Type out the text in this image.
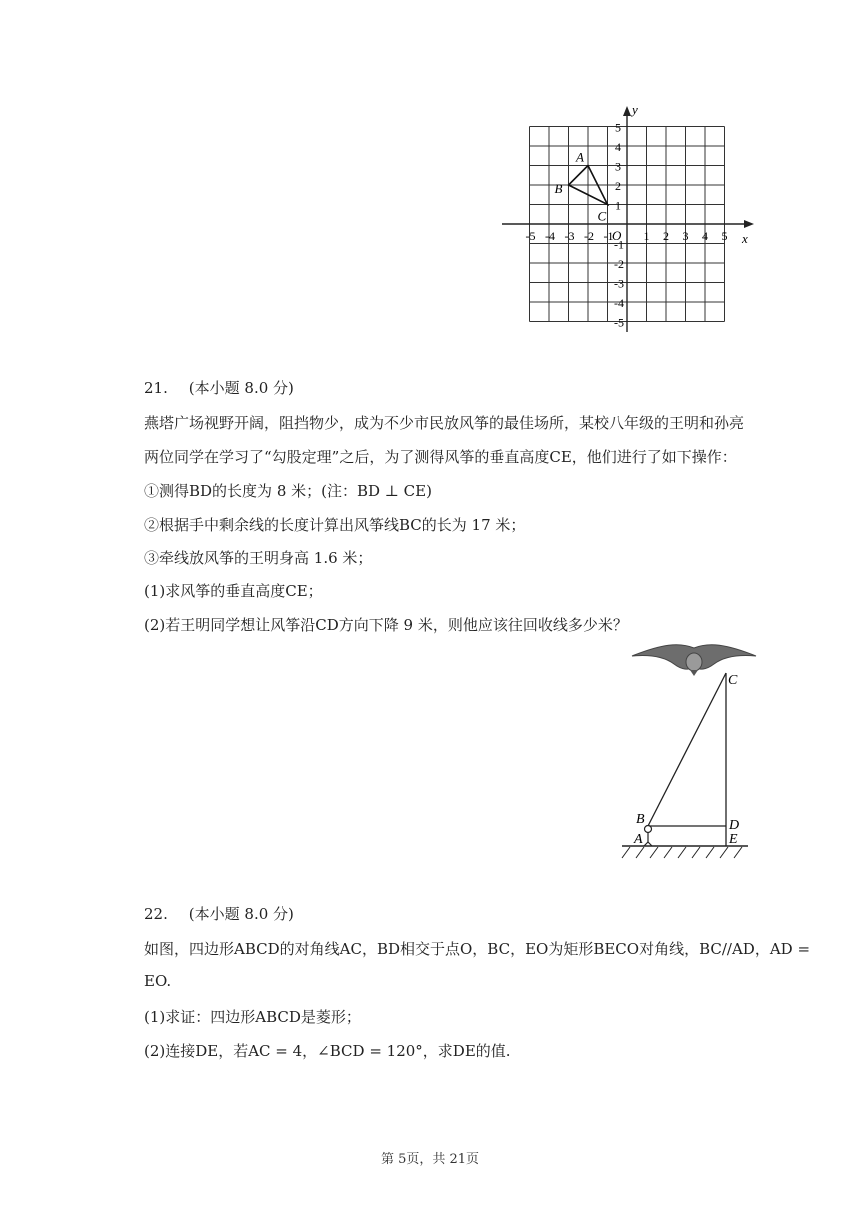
x
y
O
-5 -4 -3 -2 -1	1 2 3 4 5
5
4
3
2
1
-1
-2
-3
-4
-5
A
B
C
21. (本小题 8.0 分)
燕塔广场视野开阔，阻挡物少，成为不少市民放风筝的最佳场所，某校八年级的王明和孙亮
两位同学在学习了“勾股定理”之后，为了测得风筝的垂直高度CE，他们进行了如下操作：
①测得BD的长度为 8 米；(注：BD ⊥ CE)
②根据手中剩余线的长度计算出风筝线BC的长为 17 米；
③牵线放风筝的王明身高 1.6 米；
(1)求风筝的垂直高度CE；
(2)若王明同学想让风筝沿CD方向下降 9 米，则他应该往回收线多少米？
C
B	D
A	E
22. (本小题 8.0 分)
如图，四边形ABCD的对角线AC，BD相交于点O，BC，EO为矩形BECO对角线，BC//AD，AD =
EO.
(1)求证：四边形ABCD是菱形；
(2)连接DE，若AC = 4，∠BCD = 120°，求DE的值.
第 5页，共 21页
